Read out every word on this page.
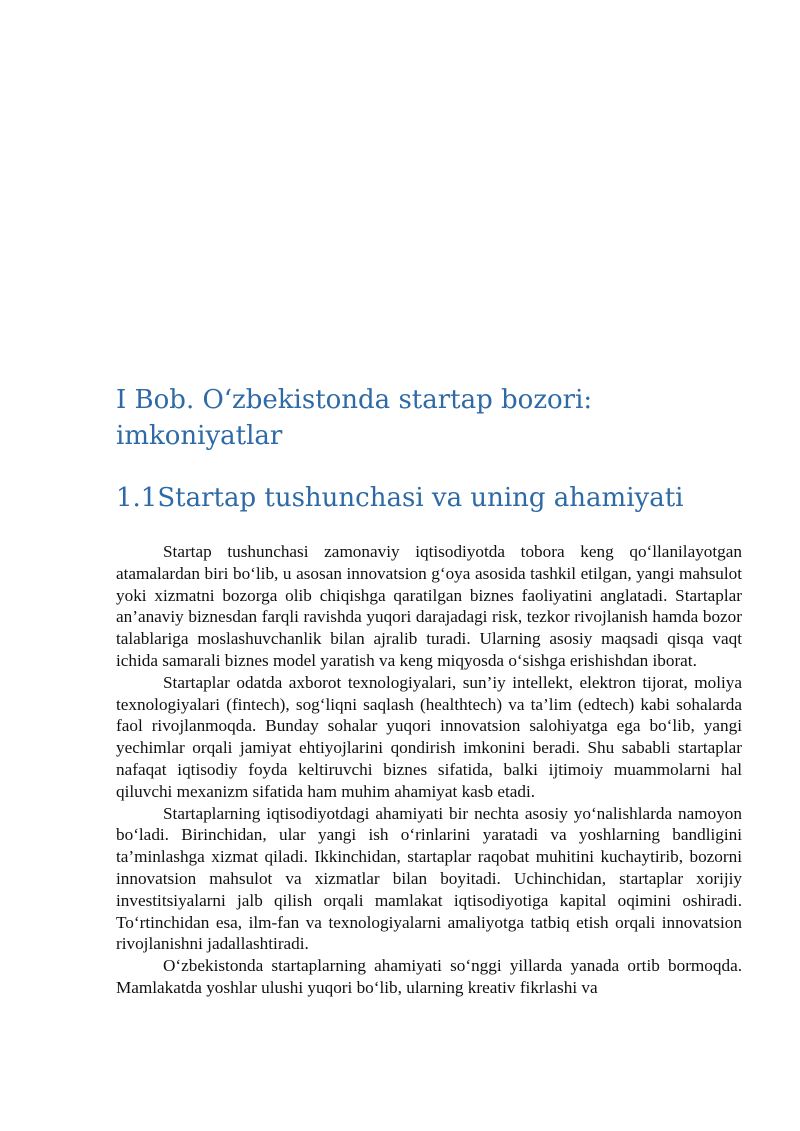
I Bob. O‘zbekistonda startap bozori: imkoniyatlar
1.1Startap tushunchasi va uning ahamiyati

Startap tushunchasi zamonaviy iqtisodiyotda tobora keng qo‘llanilayotgan atamalardan biri bo‘lib, u asosan innovatsion g‘oya asosida tashkil etilgan, yangi mahsulot yoki xizmatni bozorga olib chiqishga qaratilgan biznes faoliyatini anglatadi. Startaplar an’anaviy biznesdan farqli ravishda yuqori darajadagi risk, tezkor rivojlanish hamda bozor talablariga moslashuvchanlik bilan ajralib turadi. Ularning asosiy maqsadi qisqa vaqt ichida samarali biznes model yaratish va keng miqyosda o‘sishga erishishdan iborat.

Startaplar odatda axborot texnologiyalari, sun’iy intellekt, elektron tijorat, moliya texnologiyalari (fintech), sog‘liqni saqlash (healthtech) va ta’lim (edtech) kabi sohalarda faol rivojlanmoqda. Bunday sohalar yuqori innovatsion salohiyatga ega bo‘lib, yangi yechimlar orqali jamiyat ehtiyojlarini qondirish imkonini beradi. Shu sababli startaplar nafaqat iqtisodiy foyda keltiruvchi biznes sifatida, balki ijtimoiy muammolarni hal qiluvchi mexanizm sifatida ham muhim ahamiyat kasb etadi.

Startaplarning iqtisodiyotdagi ahamiyati bir nechta asosiy yo‘nalishlarda namoyon bo‘ladi. Birinchidan, ular yangi ish o‘rinlarini yaratadi va yoshlarning bandligini ta’minlashga xizmat qiladi. Ikkinchidan, startaplar raqobat muhitini kuchaytirib, bozorni innovatsion mahsulot va xizmatlar bilan boyitadi. Uchinchidan, startaplar xorijiy investitsiyalarni jalb qilish orqali mamlakat iqtisodiyotiga kapital oqimini oshiradi. To‘rtinchidan esa, ilm-fan va texnologiyalarni amaliyotga tatbiq etish orqali innovatsion rivojlanishni jadallashtiradi.

O‘zbekistonda startaplarning ahamiyati so‘nggi yillarda yanada ortib bormoqda. Mamlakatda yoshlar ulushi yuqori bo‘lib, ularning kreativ fikrlashi va
